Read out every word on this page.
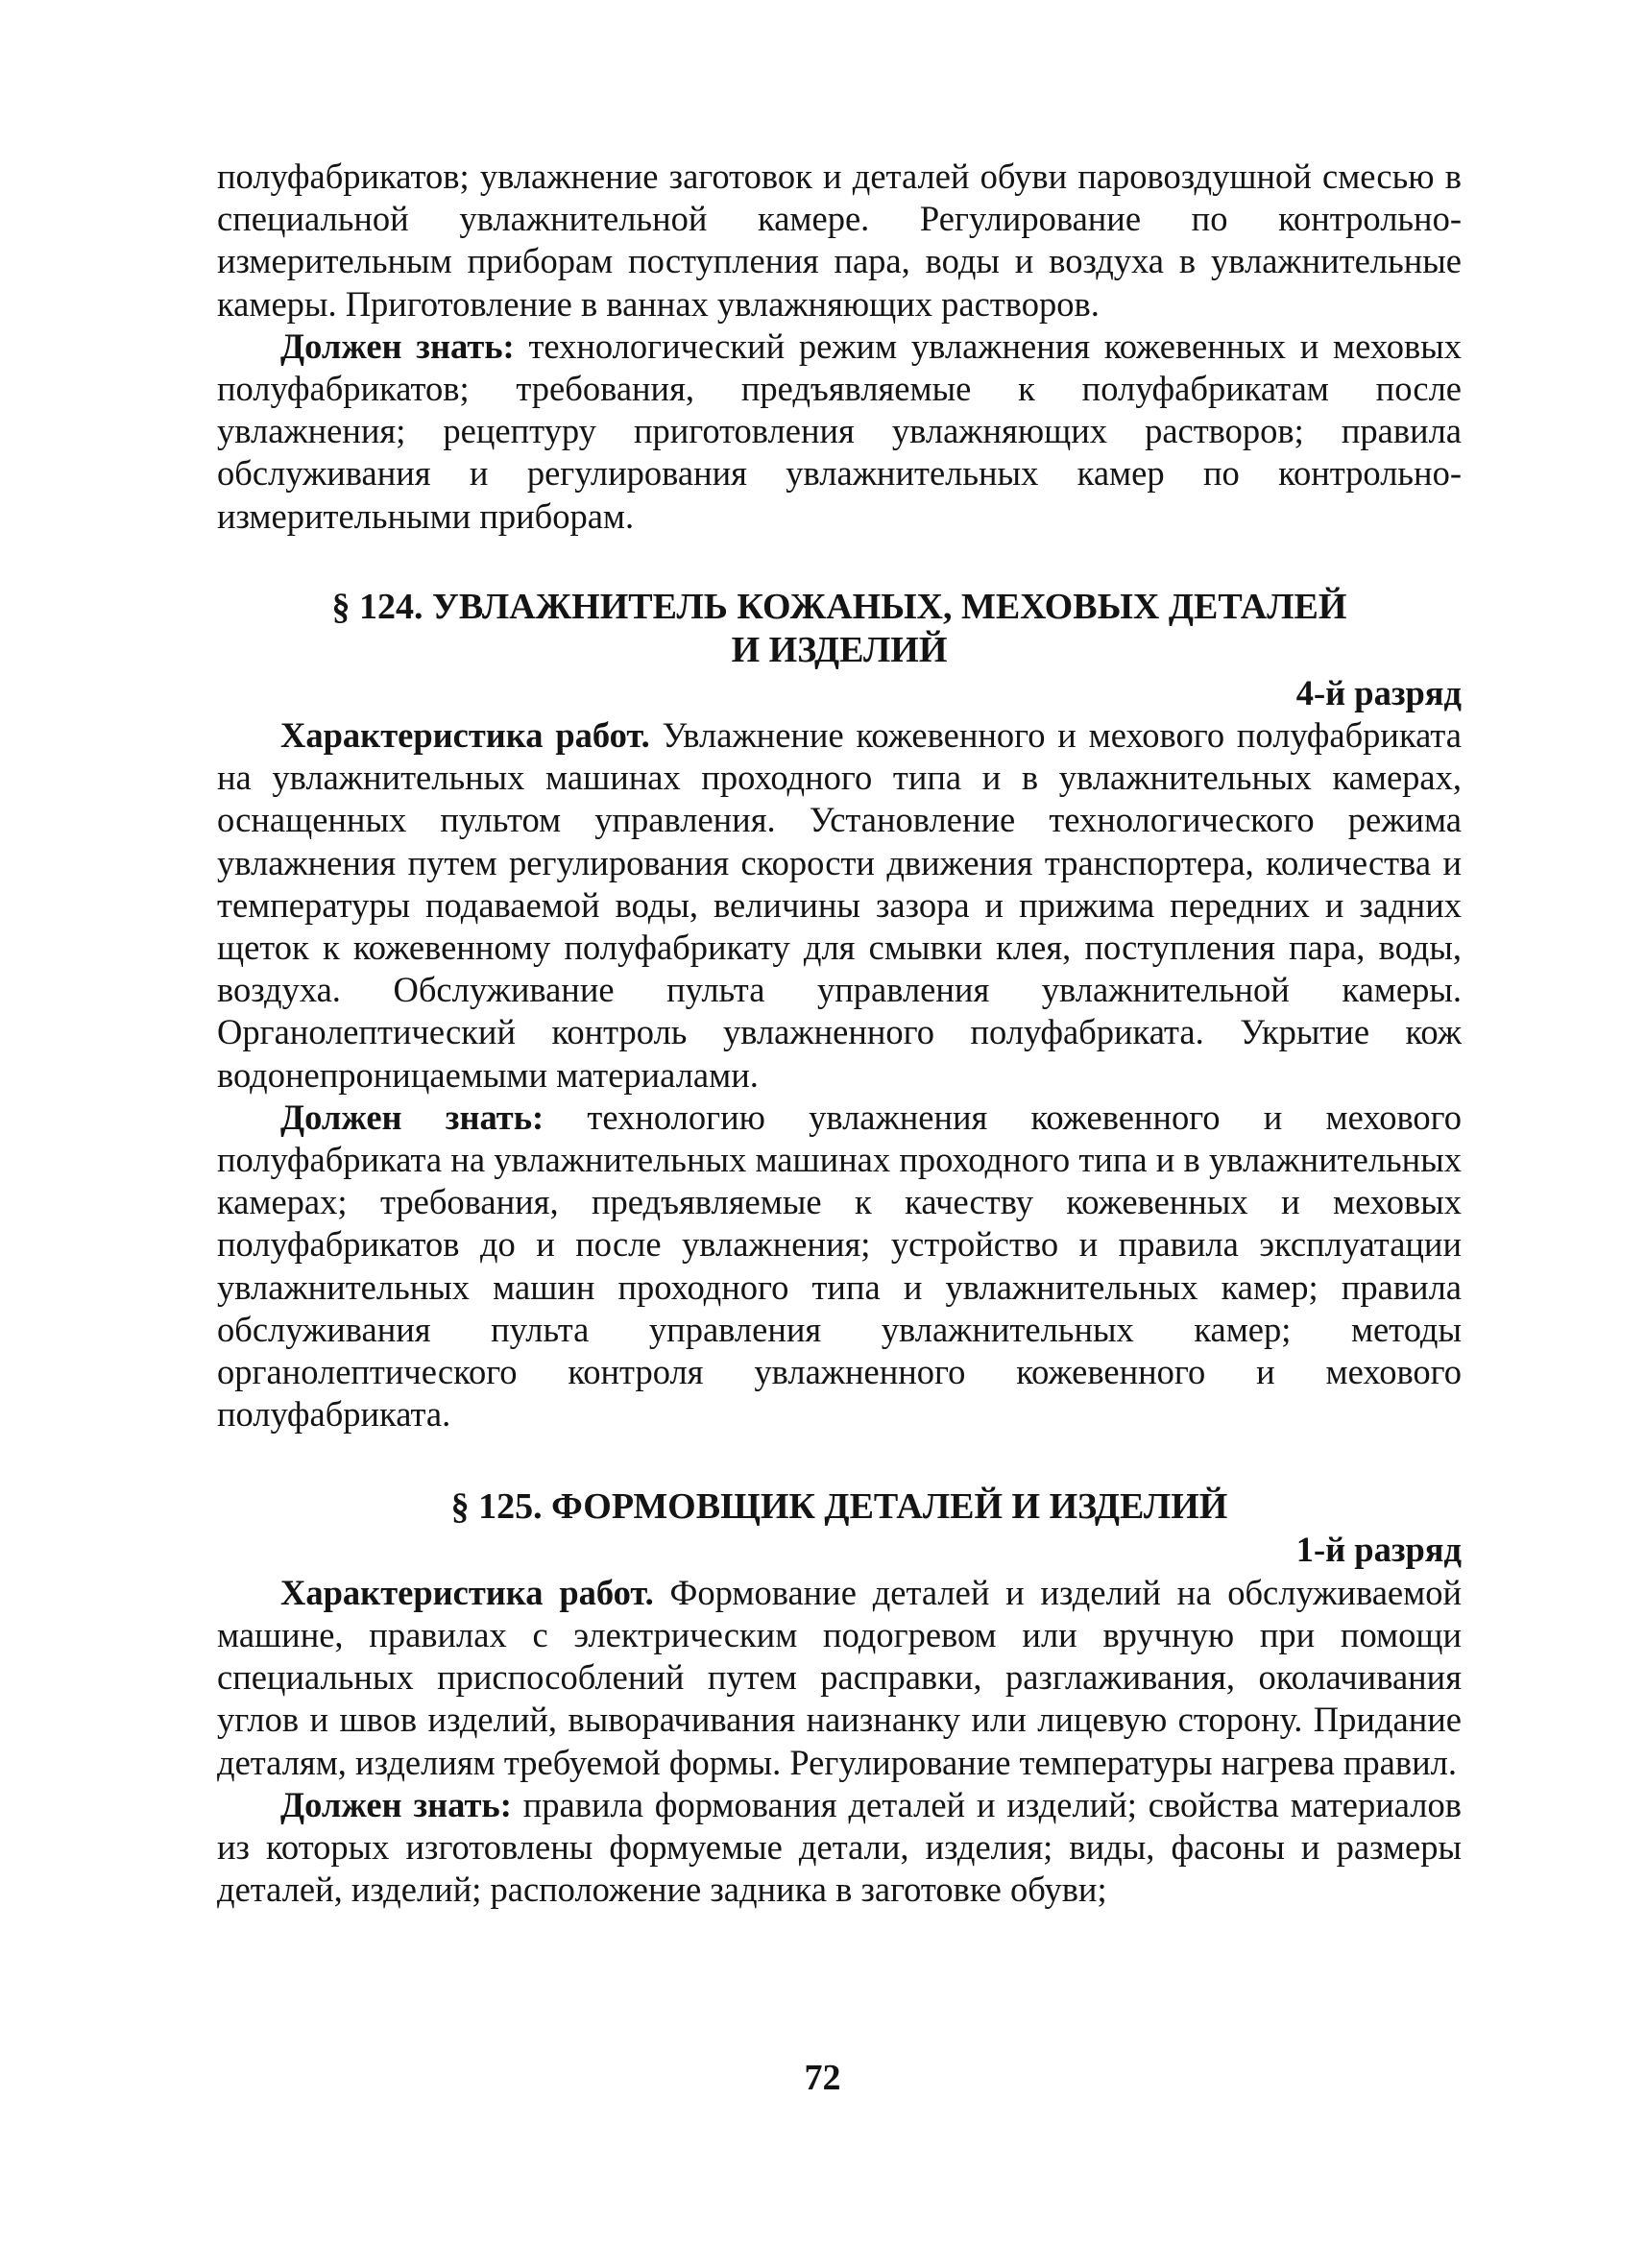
полуфабрикатов; увлажнение заготовок и деталей обуви паровоздушной смесью в специальной увлажнительной камере. Регулирование по контрольно-измерительным приборам поступления пара, воды и воздуха в увлажнительные камеры. Приготовление в ваннах увлажняющих растворов.

Должен знать: технологический режим увлажнения кожевенных и меховых полуфабрикатов; требования, предъявляемые к полуфабрикатам после увлажнения; рецептуру приготовления увлажняющих растворов; правила обслуживания и регулирования увлажнительных камер по контрольно-измерительными приборам.

§ 124. УВЛАЖНИТЕЛЬ КОЖАНЫХ, МЕХОВЫХ ДЕТАЛЕЙ
И ИЗДЕЛИЙ

4-й разряд

Характеристика работ. Увлажнение кожевенного и мехового полуфабриката на увлажнительных машинах проходного типа и в увлажнительных камерах, оснащенных пультом управления. Установление технологического режима увлажнения путем регулирования скорости движения транспортера, количества и температуры подаваемой воды, величины зазора и прижима передних и задних щеток к кожевенному полуфабрикату для смывки клея, поступления пара, воды, воздуха. Обслуживание пульта управления увлажнительной камеры. Органолептический контроль увлажненного полуфабриката. Укрытие кож водонепроницаемыми материалами.

Должен знать: технологию увлажнения кожевенного и мехового полуфабриката на увлажнительных машинах проходного типа и в увлажнительных камерах; требования, предъявляемые к качеству кожевенных и меховых полуфабрикатов до и после увлажнения; устройство и правила эксплуатации увлажнительных машин проходного типа и увлажнительных камер; правила обслуживания пульта управления увлажнительных камер; методы органолептического контроля увлажненного кожевенного и мехового полуфабриката.

§ 125. ФОРМОВЩИК ДЕТАЛЕЙ И ИЗДЕЛИЙ

1-й разряд

Характеристика работ. Формование деталей и изделий на обслуживаемой машине, правилах с электрическим подогревом или вручную при помощи специальных приспособлений путем расправки, разглаживания, околачивания углов и швов изделий, выворачивания наизнанку или лицевую сторону. Придание деталям, изделиям требуемой формы. Регулирование температуры нагрева правил.

Должен знать: правила формования деталей и изделий; свойства материалов из которых изготовлены формуемые детали, изделия; виды, фасоны и размеры деталей, изделий; расположение задника в заготовке обуви;

72
